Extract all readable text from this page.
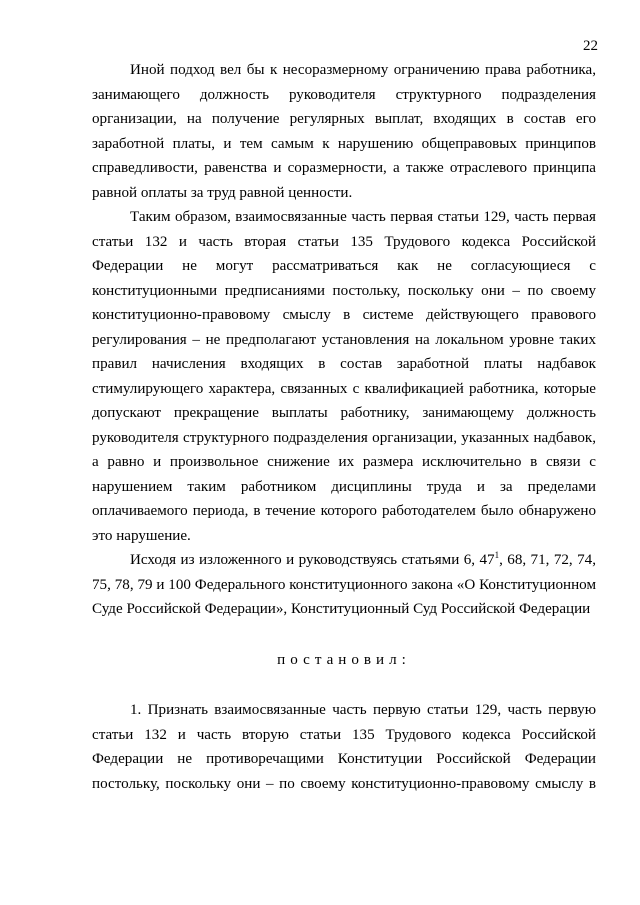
22

Иной подход вел бы к несоразмерному ограничению права работника, занимающего должность руководителя структурного подразделения организации, на получение регулярных выплат, входящих в состав его заработной платы, и тем самым к нарушению общеправовых принципов справедливости, равенства и соразмерности, а также отраслевого принципа равной оплаты за труд равной ценности.

Таким образом, взаимосвязанные часть первая статьи 129, часть первая статьи 132 и часть вторая статьи 135 Трудового кодекса Российской Федерации не могут рассматриваться как не согласующиеся с конституционными предписаниями постольку, поскольку они – по своему конституционно-правовому смыслу в системе действующего правового регулирования – не предполагают установления на локальном уровне таких правил начисления входящих в состав заработной платы надбавок стимулирующего характера, связанных с квалификацией работника, которые допускают прекращение выплаты работнику, занимающему должность руководителя структурного подразделения организации, указанных надбавок, а равно и произвольное снижение их размера исключительно в связи с нарушением таким работником дисциплины труда и за пределами оплачиваемого периода, в течение которого работодателем было обнаружено это нарушение.

Исходя из изложенного и руководствуясь статьями 6, $47^1$, 68, 71, 72, 74, 75, 78, 79 и 100 Федерального конституционного закона «О Конституционном Суде Российской Федерации», Конституционный Суд Российской Федерации

постановил:

1. Признать взаимосвязанные часть первую статьи 129, часть первую статьи 132 и часть вторую статьи 135 Трудового кодекса Российской Федерации не противоречащими Конституции Российской Федерации постольку, поскольку они – по своему конституционно-правовому смыслу в
